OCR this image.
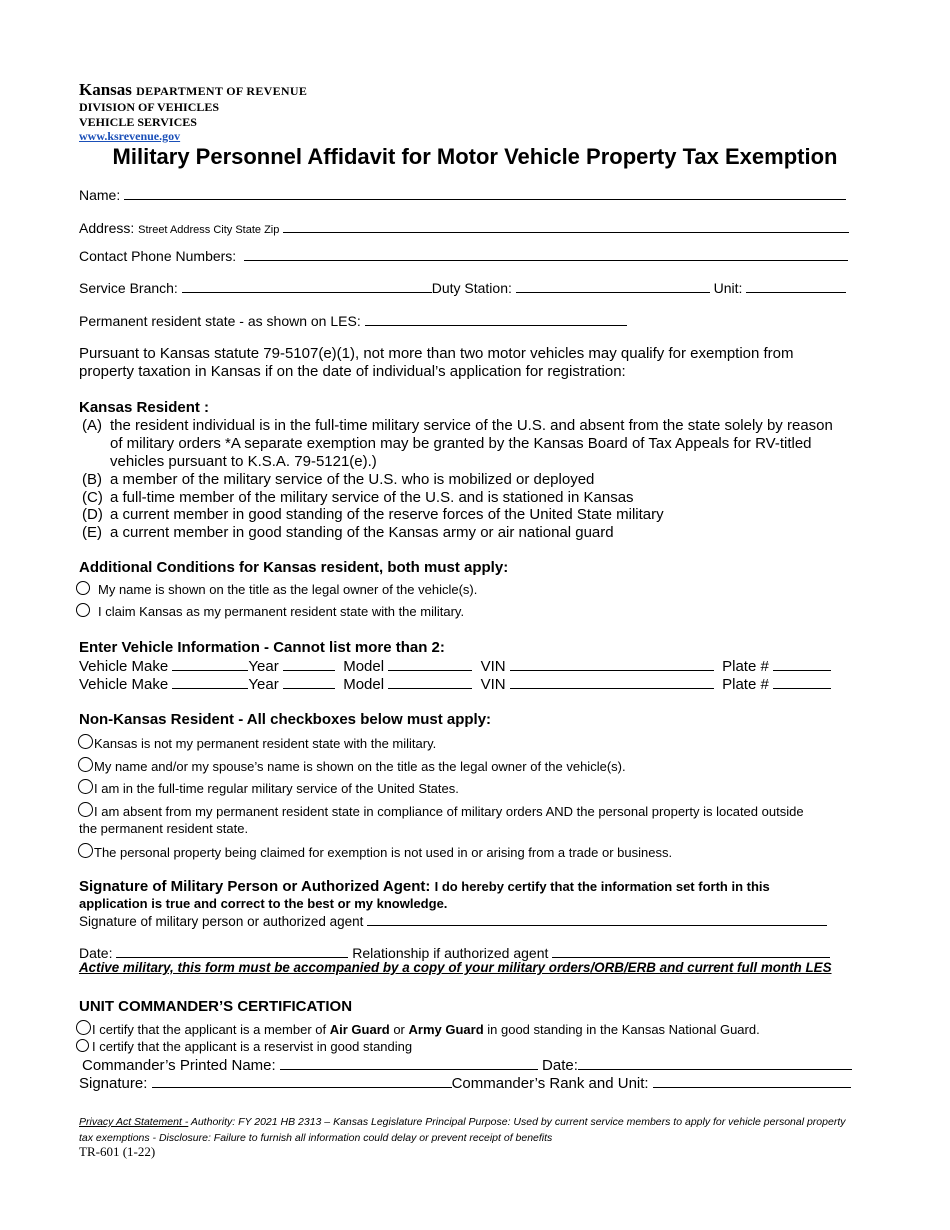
Kansas DEPARTMENT OF REVENUE
DIVISION OF VEHICLES
VEHICLE SERVICES
www.ksrevenue.gov
Military Personnel Affidavit for Motor Vehicle Property Tax Exemption
Name:
Address: Street Address City State Zip
Contact Phone Numbers:
Service Branch:	Duty Station:	Unit:
Permanent resident state - as shown on LES:
Pursuant to Kansas statute 79-5107(e)(1), not more than two motor vehicles may qualify for exemption from
property taxation in Kansas if on the date of individual’s application for registration:
Kansas Resident :
(A) the resident individual is in the full-time military service of the U.S. and absent from the state solely by reason
of military orders *A separate exemption may be granted by the Kansas Board of Tax Appeals for RV-titled
vehicles pursuant to K.S.A. 79-5121(e).)
(B) a member of the military service of the U.S. who is mobilized or deployed
(C) a full-time member of the military service of the U.S. and is stationed in Kansas
(D) a current member in good standing of the reserve forces of the United State military
(E) a current member in good standing of the Kansas army or air national guard
Additional Conditions for Kansas resident, both must apply:
My name is shown on the title as the legal owner of the vehicle(s).
I claim Kansas as my permanent resident state with the military.
Enter Vehicle Information - Cannot list more than 2:
Vehicle Make	Year	Model	VIN	Plate #
Vehicle Make	Year	Model	VIN	Plate #
Non-Kansas Resident - All checkboxes below must apply:
Kansas is not my permanent resident state with the military.
My name and/or my spouse’s name is shown on the title as the legal owner of the vehicle(s).
I am in the full-time regular military service of the United States.
I am absent from my permanent resident state in compliance of military orders AND the personal property is located outside
the permanent resident state.
The personal property being claimed for exemption is not used in or arising from a trade or business.
Signature of Military Person or Authorized Agent: I do hereby certify that the information set forth in this
application is true and correct to the best or my knowledge.
Signature of military person or authorized agent
Date:	Relationship if authorized agent
Active military, this form must be accompanied by a copy of your military orders/ORB/ERB and current full month LES
UNIT COMMANDER’S CERTIFICATION
I certify that the applicant is a member of Air Guard or Army Guard in good standing in the Kansas National Guard.
I certify that the applicant is a reservist in good standing
Commander’s Printed Name:	Date:
Signature:	Commander’s Rank and Unit:
Privacy Act Statement - Authority: FY 2021 HB 2313 – Kansas Legislature Principal Purpose: Used by current service members to apply for vehicle personal property tax exemptions - Disclosure: Failure to furnish all information could delay or prevent receipt of benefits
TR-601 (1-22)
